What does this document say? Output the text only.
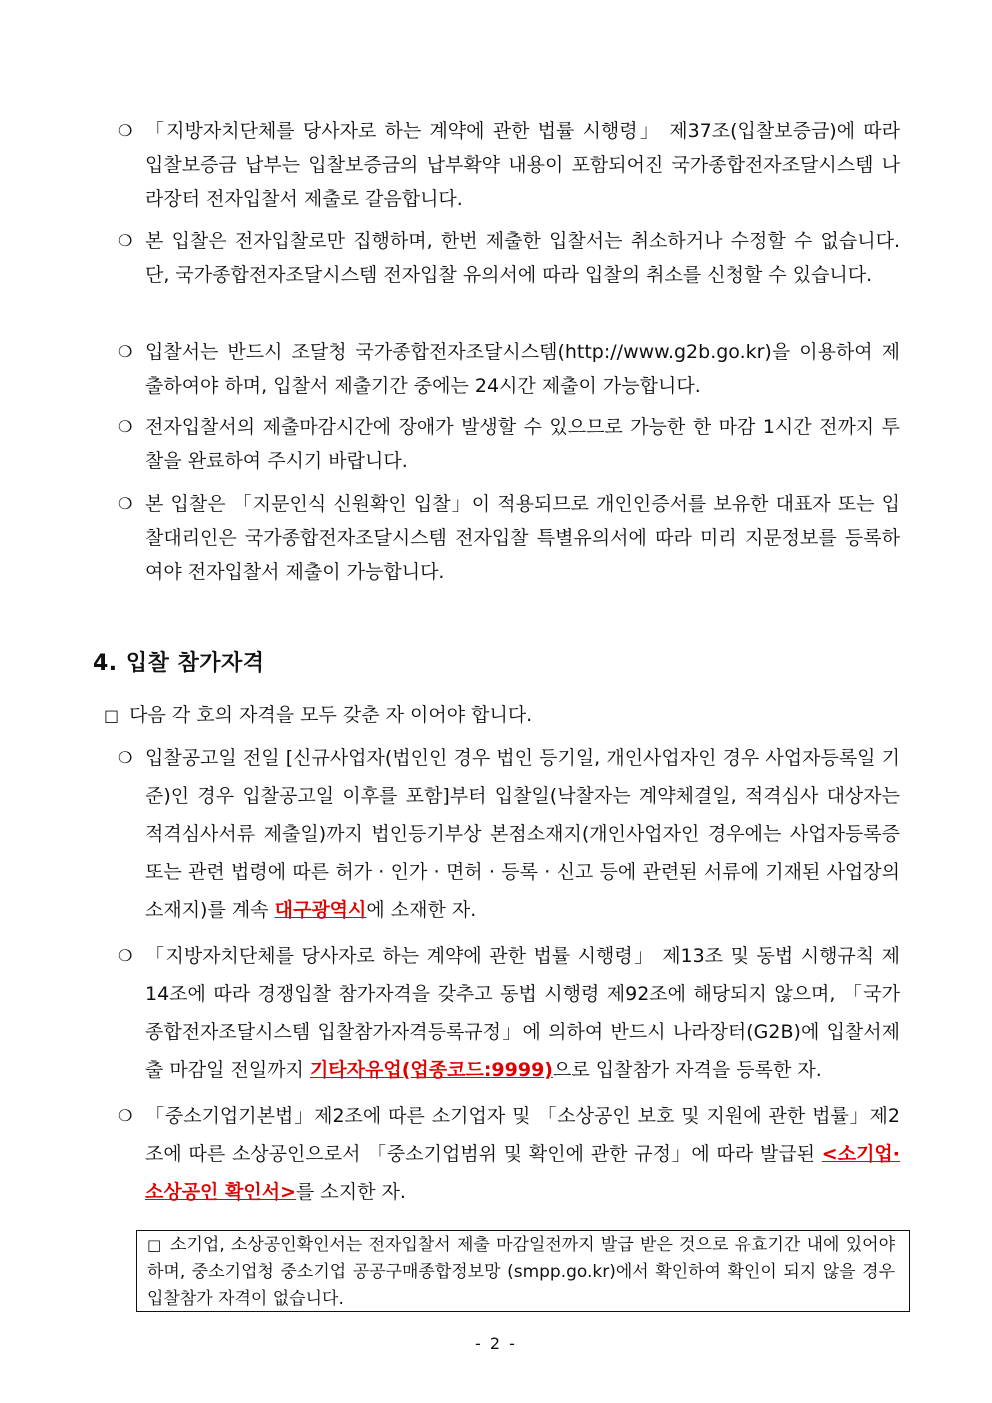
❍ 「지방자치단체를 당사자로 하는 계약에 관한 법률 시행령」 제37조(입찰보증금)에 따라 입찰보증금 납부는 입찰보증금의 납부확약 내용이 포함되어진 국가종합전자조달시스템 나라장터 전자입찰서 제출로 갈음합니다.
❍ 본 입찰은 전자입찰로만 집행하며, 한번 제출한 입찰서는 취소하거나 수정할 수 없습니다. 단, 국가종합전자조달시스템 전자입찰 유의서에 따라 입찰의 취소를 신청할 수 있습니다.
❍ 입찰서는 반드시 조달청 국가종합전자조달시스템(http://www.g2b.go.kr)을 이용하여 제출하여야 하며, 입찰서 제출기간 중에는 24시간 제출이 가능합니다.
❍ 전자입찰서의 제출마감시간에 장애가 발생할 수 있으므로 가능한 한 마감 1시간 전까지 투찰을 완료하여 주시기 바랍니다.
❍ 본 입찰은 「지문인식 신원확인 입찰」이 적용되므로 개인인증서를 보유한 대표자 또는 입찰대리인은 국가종합전자조달시스템 전자입찰 특별유의서에 따라 미리 지문정보를 등록하여야 전자입찰서 제출이 가능합니다.
4. 입찰 참가자격
□ 다음 각 호의 자격을 모두 갖춘 자 이어야 합니다.
❍ 입찰공고일 전일 [신규사업자(법인인 경우 법인 등기일, 개인사업자인 경우 사업자등록일 기준)인 경우 입찰공고일 이후를 포함]부터 입찰일(낙찰자는 계약체결일, 적격심사 대상자는 적격심사서류 제출일)까지 법인등기부상 본점소재지(개인사업자인 경우에는 사업자등록증 또는 관련 법령에 따른 허가 · 인가 · 면허 · 등록 · 신고 등에 관련된 서류에 기재된 사업장의 소재지)를 계속 대구광역시에 소재한 자.
❍ 「지방자치단체를 당사자로 하는 계약에 관한 법률 시행령」 제13조 및 동법 시행규칙 제14조에 따라 경쟁입찰 참가자격을 갖추고 동법 시행령 제92조에 해당되지 않으며, 「국가종합전자조달시스템 입찰참가자격등록규정」에 의하여 반드시 나라장터(G2B)에 입찰서제출 마감일 전일까지 기타자유업(업종코드:9999)으로 입찰참가 자격을 등록한 자.
❍ 「중소기업기본법」제2조에 따른 소기업자 및 「소상공인 보호 및 지원에 관한 법률」제2조에 따른 소상공인으로서 「중소기업범위 및 확인에 관한 규정」에 따라 발급된 <소기업·소상공인 확인서>를 소지한 자.
□ 소기업, 소상공인확인서는 전자입찰서 제출 마감일전까지 발급 받은 것으로 유효기간 내에 있어야 하며, 중소기업청 중소기업 공공구매종합정보망 (smpp.go.kr)에서 확인하여 확인이 되지 않을 경우 입찰참가 자격이 없습니다.
- 2 -
